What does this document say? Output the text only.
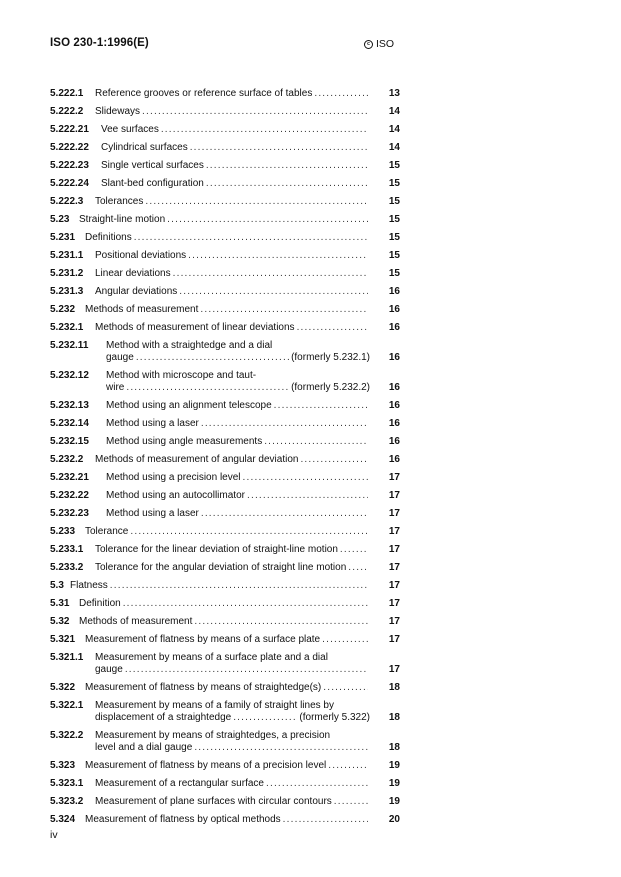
ISO 230-1:1996(E)	c ISO
5.222.1	Reference grooves or reference surface of tables .....	13
5.222.2	Slideways .....	14
5.222.21	Vee surfaces .....	14
5.222.22	Cylindrical surfaces .....	14
5.222.23	Single vertical surfaces .....	15
5.222.24	Slant-bed configuration .....	15
5.222.3	Tolerances .....	15
5.23 Straight-line motion .....	15
5.231 Definitions .....	15
5.231.1	Positional deviations .....	15
5.231.2	Linear deviations .....	15
5.231.3	Angular deviations .....	16
5.232 Methods of measurement .....	16
5.232.1	Methods of measurement of linear deviations .....	16
5.232.11	Method with a straightedge and a dial
gauge .....	(formerly 5.232.1)	16
5.232.12	Method with microscope and taut-
wire .....	(formerly 5.232.2)	16
5.232.13	Method using an alignment telescope .....	16
5.232.14	Method using a laser .....	16
5.232.15	Method using angle measurements .....	16
5.232.2	Methods of measurement of angular deviation .....	16
5.232.21	Method using a precision level .....	17
5.232.22	Method using an autocollimator .....	17
5.232.23	Method using a laser .....	17
5.233 Tolerance .....	17
5.233.1	Tolerance for the linear deviation of straight-line motion .....	17
5.233.2	Tolerance for the angular deviation of straight line motion .....	17
5.3 Flatness .....	17
5.31 Definition .....	17
5.32 Methods of measurement .....	17
5.321 Measurement of flatness by means of a surface plate .....	17
5.321.1	Measurement by means of a surface plate and a dial
gauge .....	17
5.322 Measurement of flatness by means of straightedge(s) .....	18
5.322.1	Measurement by means of a family of straight lines by
displacement of a straightedge .....	(formerly 5.322)	18
5.322.2	Measurement by means of straightedges, a precision
level and a dial gauge .....	18
5.323 Measurement of flatness by means of a precision level .....	19
5.323.1	Measurement of a rectangular surface .....	19
5.323.2	Measurement of plane surfaces with circular contours .....	19
5.324 Measurement of flatness by optical methods .....	20
iv
